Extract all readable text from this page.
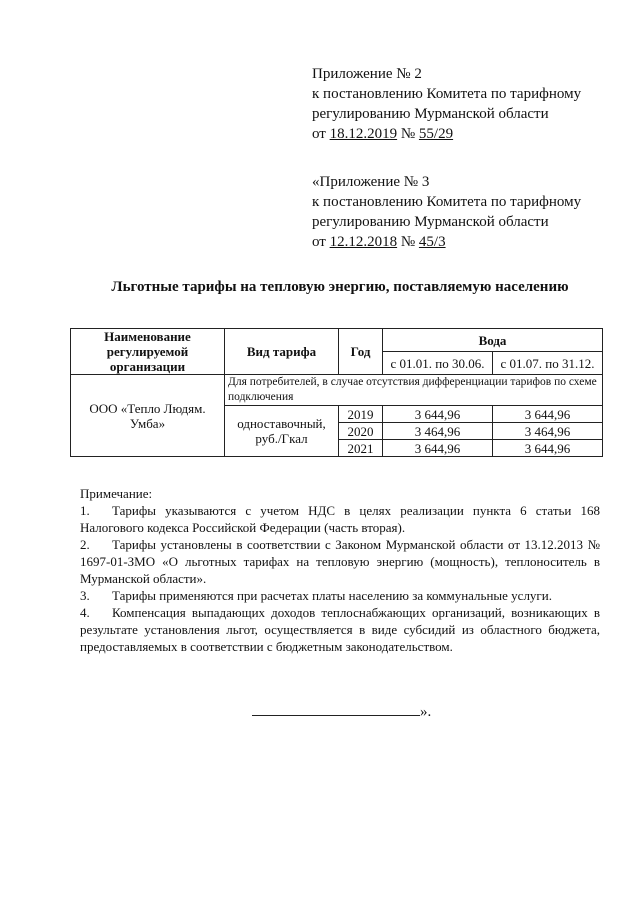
Приложение № 2
к постановлению Комитета по тарифному
регулированию Мурманской области
от 18.12.2019 № 55/29
«Приложение № 3
к постановлению Комитета по тарифному
регулированию Мурманской области
от 12.12.2018 № 45/3
Льготные тарифы на тепловую энергию, поставляемую населению
Наименование регулируемой организации	Вид тарифа	Год	Вода	
			с 01.01. по 30.06.	с 01.07. по 31.12.
ООО «Тепло Людям. Умба»	Для потребителей, в случае отсутствия дифференциации тарифов по схеме подключения			
	одноставочный, руб./Гкал	2019	3 644,96	3 644,96
		2020	3 464,96	3 464,96
		2021	3 644,96	3 644,96

Примечание:

1. Тарифы указываются с учетом НДС в целях реализации пункта 6 статьи 168 Налогового кодекса Российской Федерации (часть вторая).

2. Тарифы установлены в соответствии с Законом Мурманской области от 13.12.2013 № 1697-01-ЗМО «О льготных тарифах на тепловую энергию (мощность), теплоноситель в Мурманской области».

3. Тарифы применяются при расчетах платы населению за коммунальные услуги.

4. Компенсация выпадающих доходов теплоснабжающих организаций, возникающих в результате установления льгот, осуществляется в виде субсидий из областного бюджета, предоставляемых в соответствии с бюджетным законодательством.

».
